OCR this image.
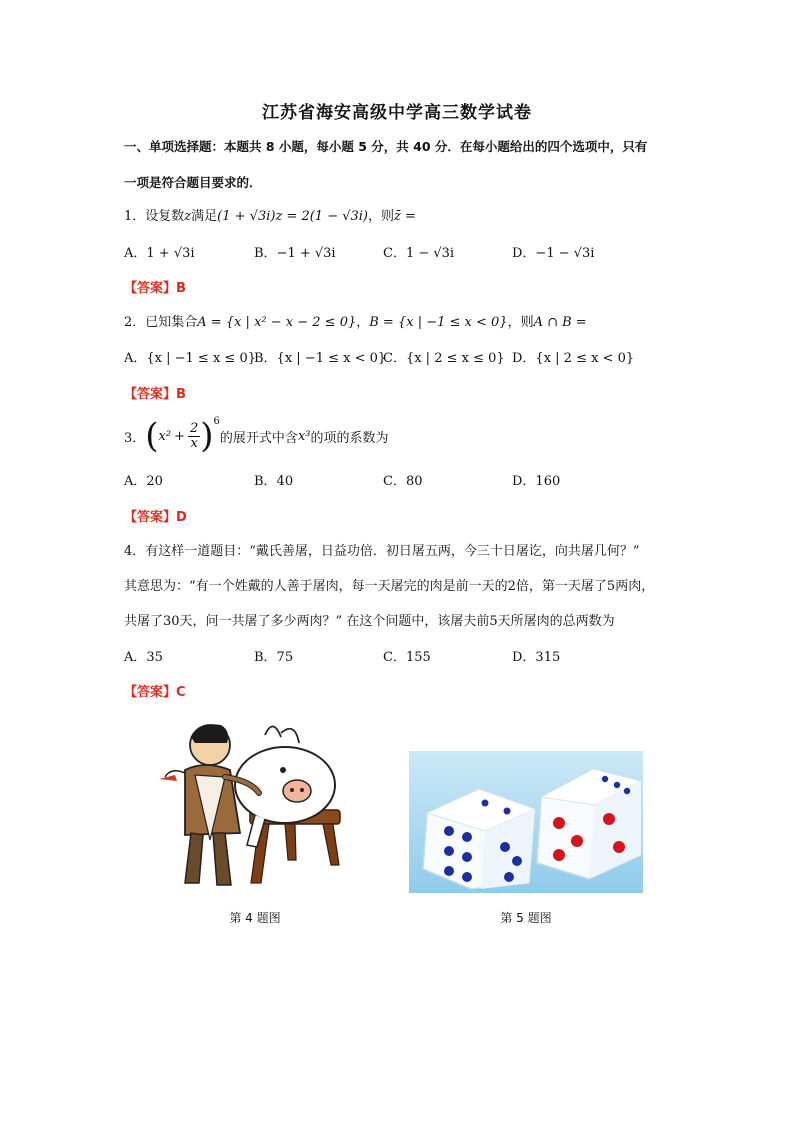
江苏省海安高级中学高三数学试卷
一、单项选择题：本题共 8 小题，每小题 5 分，共 40 分．在每小题给出的四个选项中，只有
一项是符合题目要求的．
1．设复数z满足(1 + √3i)z = 2(1 − √3i)，则z̄ =
A．1 + √3i	B．−1 + √3i	C．1 − √3i	D．−1 − √3i
【答案】B
2．已知集合A = {x | x² − x − 2 ≤ 0}，B = {x | −1 ≤ x < 0}，则A ∩ B =
A．{x | −1 ≤ x ≤ 0}
B．{x | −1 ≤ x < 0}
C．{x | 2 ≤ x ≤ 0} D．{x | 2 ≤ x < 0}
【答案】B
3． ( $x^2 + \frac{2}{x}$ ) 6
的展开式中含 x³ 的项的系数为
A．20	B．40	C．80	D．160
【答案】D
4．有这样一道题目：“戴氏善屠，日益功倍．初日屠五两，今三十日屠讫，向共屠几何？”
其意思为：“有一个姓戴的人善于屠肉，每一天屠完的肉是前一天的2倍，第一天屠了5两肉，
共屠了30天，问一共屠了多少两肉？” 在这个问题中，该屠夫前5天所屠肉的总两数为
A．35	B．75	C．155	D．315
【答案】C
第 4 题图	第 5 题图
